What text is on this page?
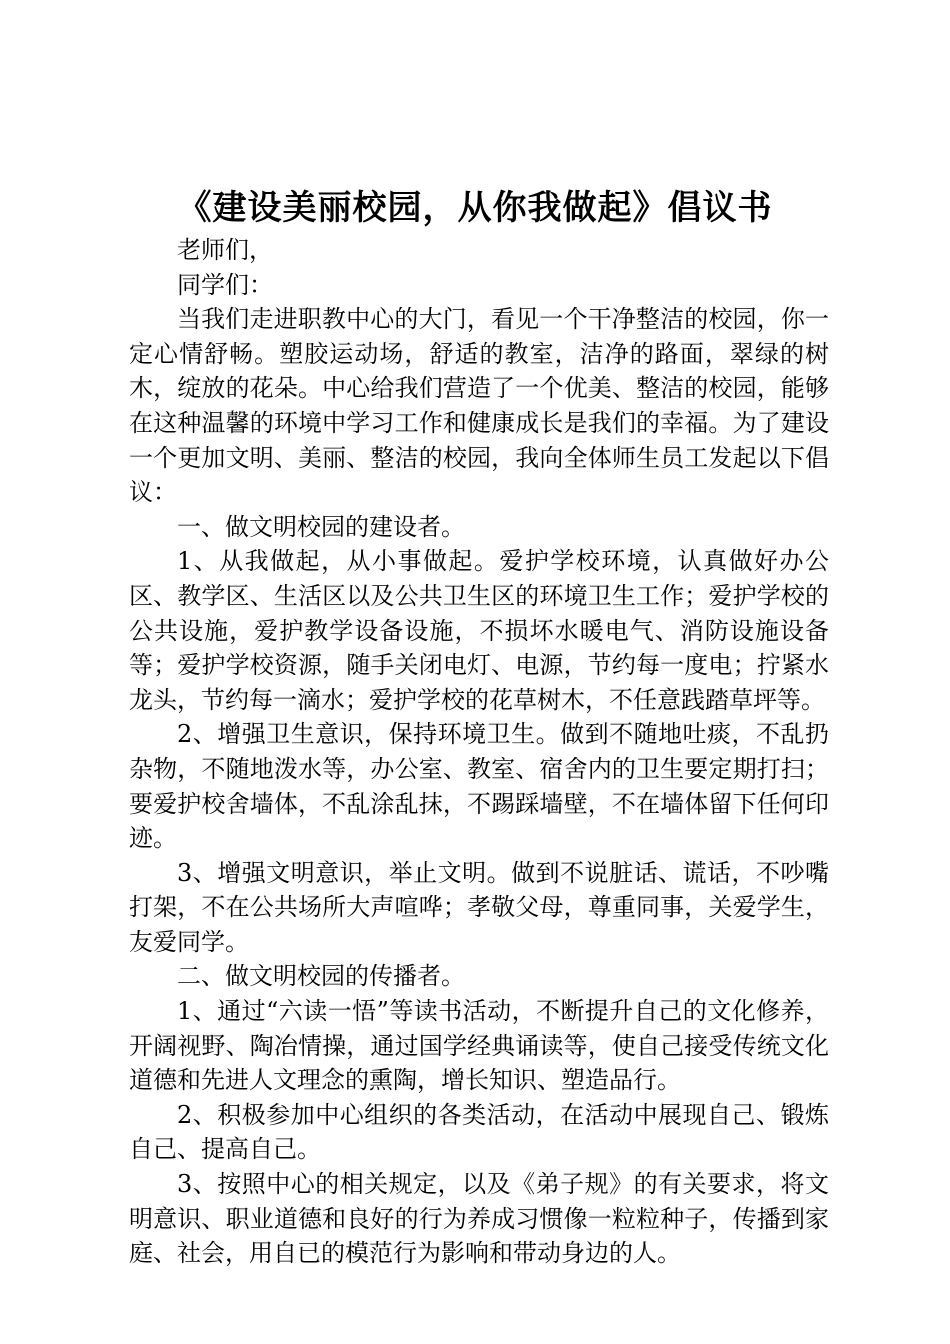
《建设美丽校园，从你我做起》倡议书

老师们，

同学们：

当我们走进职教中心的大门，看见一个干净整洁的校园，你一定心情舒畅。塑胶运动场，舒适的教室，洁净的路面，翠绿的树木，绽放的花朵。中心给我们营造了一个优美、整洁的校园，能够在这种温馨的环境中学习工作和健康成长是我们的幸福。为了建设一个更加文明、美丽、整洁的校园，我向全体师生员工发起以下倡议：

一、做文明校园的建设者。

1、从我做起，从小事做起。爱护学校环境，认真做好办公区、教学区、生活区以及公共卫生区的环境卫生工作；爱护学校的公共设施，爱护教学设备设施，不损坏水暖电气、消防设施设备等；爱护学校资源，随手关闭电灯、电源，节约每一度电；拧紧水龙头，节约每一滴水；爱护学校的花草树木，不任意践踏草坪等。

2、增强卫生意识，保持环境卫生。做到不随地吐痰，不乱扔杂物，不随地泼水等，办公室、教室、宿舍内的卫生要定期打扫；要爱护校舍墙体，不乱涂乱抹，不踢踩墙壁，不在墙体留下任何印迹。

3、增强文明意识，举止文明。做到不说脏话、谎话，不吵嘴打架，不在公共场所大声喧哗；孝敬父母，尊重同事，关爱学生，友爱同学。

二、做文明校园的传播者。

1、通过“六读一悟”等读书活动，不断提升自己的文化修养，开阔视野、陶冶情操，通过国学经典诵读等，使自己接受传统文化道德和先进人文理念的熏陶，增长知识、塑造品行。

2、积极参加中心组织的各类活动，在活动中展现自己、锻炼自己、提高自己。

3、按照中心的相关规定，以及《弟子规》的有关要求，将文明意识、职业道德和良好的行为养成习惯像一粒粒种子，传播到家庭、社会，用自已的模范行为影响和带动身边的人。
